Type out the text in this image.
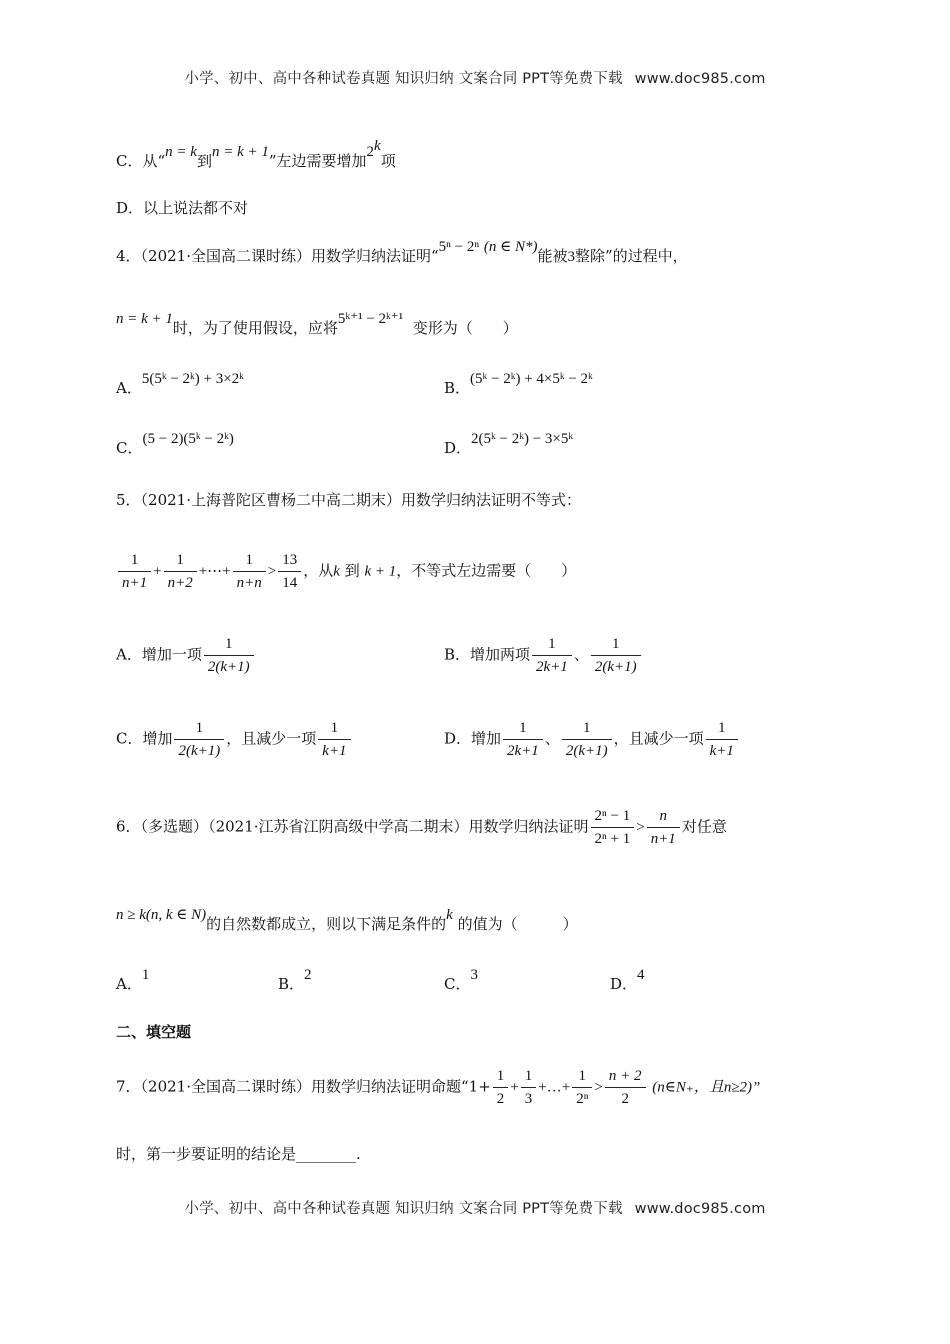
小学、初中、高中各种试卷真题 知识归纳 文案合同 PPT等免费下载 www.doc985.com
C．从“n = k到n = k + 1”左边需要增加2$^k$项
D．以上说法都不对
4．（2021·全国高二课时练）用数学归纳法证明“5ⁿ − 2ⁿ (n ∈ N*)能被3整除”的过程中，
n = k + 1时，为了使用假设，应将5ᵏ⁺¹ − 2ᵏ⁺¹ 变形为（　　）
A．5(5ᵏ − 2ᵏ) + 3×2ᵏ	B．(5ᵏ − 2ᵏ) + 4×5ᵏ − 2ᵏ
C．(5 − 2)(5ᵏ − 2ᵏ)	D．2(5ᵏ − 2ᵏ) − 3×5ᵏ
5．（2021·上海普陀区曹杨二中高二期末）用数学归纳法证明不等式：
$\frac{1}{n+1} + \frac{1}{n+2}$ +⋯+ $\frac{1}{n+n} > \frac{13}{14}$ ，从k 到 k + 1，不等式左边需要（　　）
A．增加一项 $\frac{1}{2(k+1)}$	B．增加两项 $\frac{1}{2k+1}$ 、 $\frac{1}{2(k+1)}$
C．增加 $\frac{1}{2(k+1)}$ ，且减少一项 $\frac{1}{k+1}$	D．增加 $\frac{1}{2k+1}$ 、 $\frac{1}{2(k+1)}$ ，且减少一项 $\frac{1}{k+1}$
6．（多选题）（2021·江苏省江阴高级中学高二期末）用数学归纳法证明 $\frac{\text{2ⁿ − 1}}{\text{2ⁿ + 1}} > \frac{n}{n+1}$ 对任意
n ≥ k(n, k ∈ N)的自然数都成立，则以下满足条件的k 的值为（　　　）
A．1	B．2	C．3	D．4
二、填空题
7．（2021·全国高二课时练）用数学归纳法证明命题“$1+ \frac{1}{2} + \frac{1}{3}$ +…+ $\frac{1}{\text{2ⁿ}} > \frac{n + 2}{2}$ (n∈N₊，且n≥2)”
时，第一步要证明的结论是________.
小学、初中、高中各种试卷真题 知识归纳 文案合同 PPT等免费下载 www.doc985.com
